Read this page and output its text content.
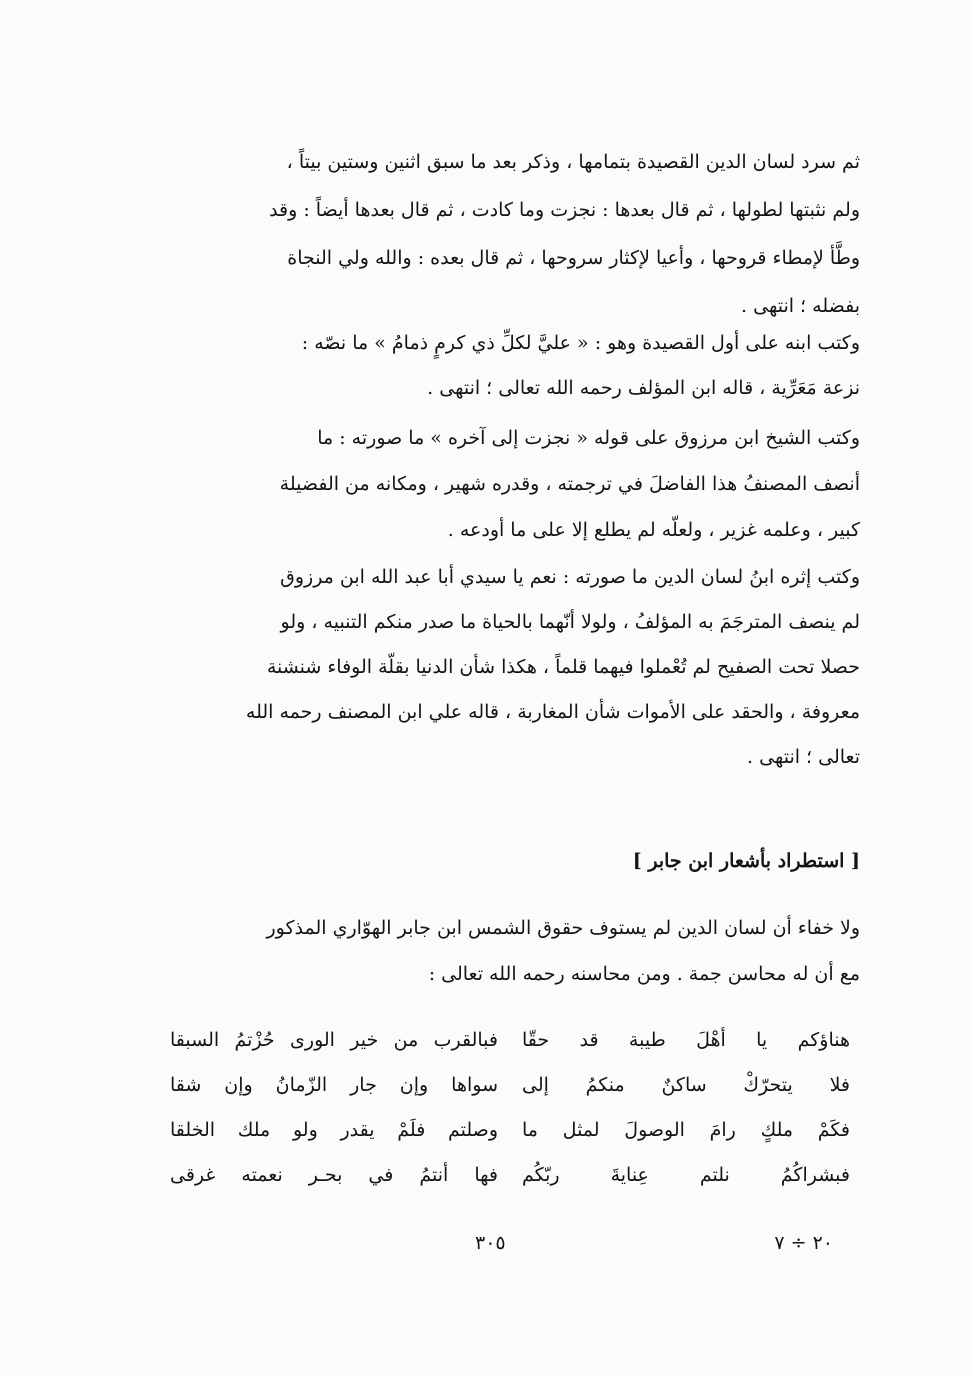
ثم سرد لسان الدين القصيدة بتمامها ، وذكر بعد ما سبق اثنين وستين بيتاً ،
ولم نثبتها لطولها ، ثم قال بعدها : نجزت وما كادت ، ثم قال بعدها أيضاً : وقد
وطَّأ لإمطاء قروحها ، وأعيا لإكثار سروحها ، ثم قال بعده : والله ولي النجاة
بفضله ؛ انتهى .
وكتب ابنه على أول القصيدة وهو : « عليَّ لكلِّ ذي كرمٍ ذمامُ » ما نصّه :
نزعة مَعَرِّية ، قاله ابن المؤلف رحمه الله تعالى ؛ انتهى .
وكتب الشيخ ابن مرزوق على قوله « نجزت إلى آخره » ما صورته : ما
أنصف المصنفُ هذا الفاضلَ في ترجمته ، وقدره شهير ، ومكانه من الفضيلة
كبير ، وعلمه غزير ، ولعلّه لم يطلع إلا على ما أودعه .
وكتب إثره ابنُ لسان الدين ما صورته : نعم يا سيدي أبا عبد الله ابن مرزوق
لم ينصف المترجَمَ به المؤلفُ ، ولولا أنّهما بالحياة ما صدر منكم التنبيه ، ولو
حصلا تحت الصفيح لم تُعْملوا فيهما قلماً ، هكذا شأن الدنيا بقلّة الوفاء شنشنة
معروفة ، والحقد على الأموات شأن المغاربة ، قاله علي ابن المصنف رحمه الله
تعالى ؛ انتهى .
[ استطراد بأشعار ابن جابر ]
ولا خفاء أن لسان الدين لم يستوف حقوق الشمس ابن جابر الهوّاري المذكور
مع أن له محاسن جمة . ومن محاسنه رحمه الله تعالى :
هناؤكم يا أهْلَ طيبة قد حقّا
فبالقرب من خير الورى حُزْتمُ السبقا
فلا يتحرّكْ ساكنٌ منكمُ إلى
سواها وإن جار الزّمانُ وإن شقا
فكَمْ ملكٍ رامَ الوصولَ لمثل ما
وصلتم فلَمْ يقدر ولو ملك الخلقا
فبشراكُمُ نلتم عِنايةَ ربّكُم
فها أنتمُ في بحـر نعمته غرقى
٢٠ ÷ ٧
٣٠٥
